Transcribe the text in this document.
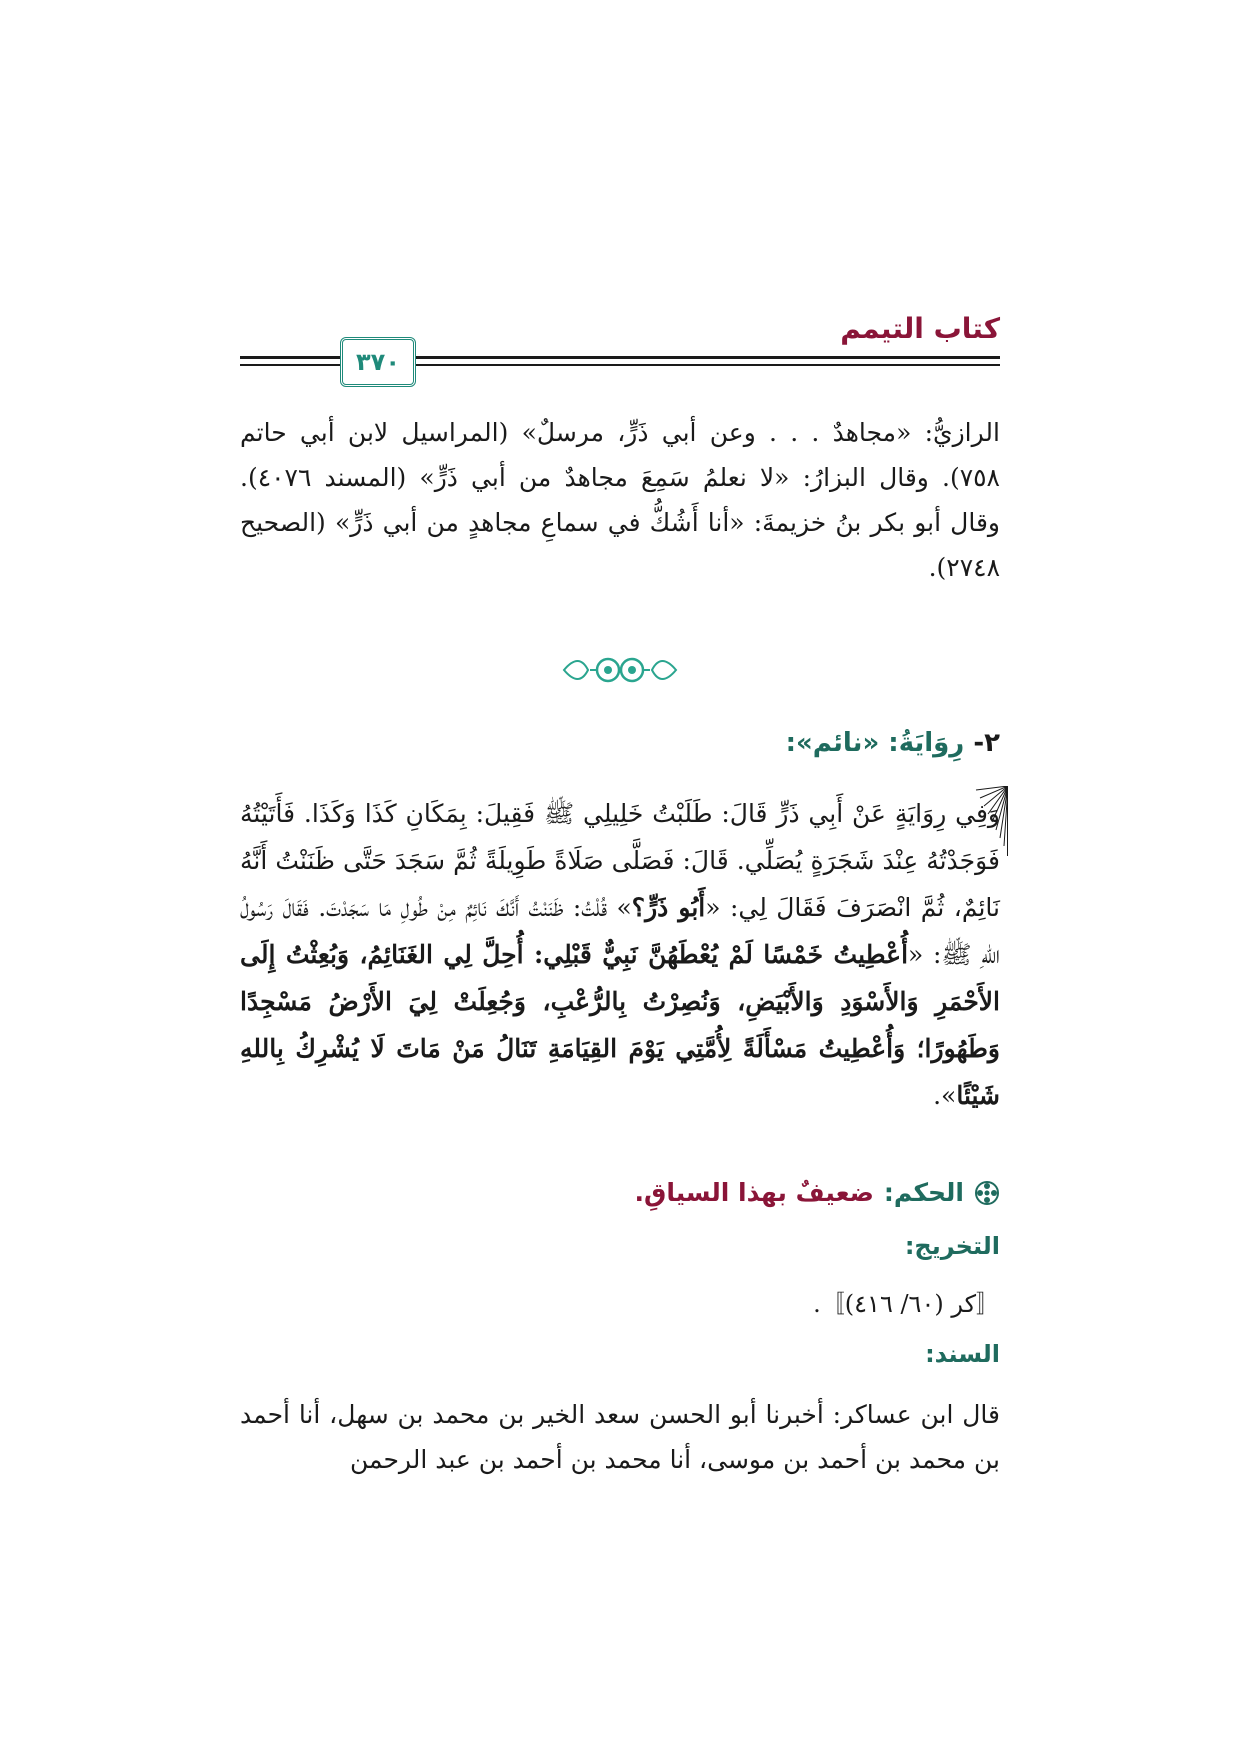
كتاب التيمم
٣٧٠
الرازيُّ: «مجاهدٌ . . . وعن أبي ذَرٍّ، مرسلٌ» (المراسيل لابن أبي حاتم ٧٥٨). وقال البزارُ: «لا نعلمُ سَمِعَ مجاهدٌ من أبي ذَرٍّ» (المسند ٤٠٧٦). وقال أبو بكر بنُ خزيمةَ: «أنا أَشُكُّ في سماعِ مجاهدٍ من أبي ذَرٍّ» (الصحيح ٢٧٤٨).
٢- رِوَايَةُ: «نائم»:
وَفِي رِوَايَةٍ عَنْ أَبِي ذَرٍّ قَالَ: طَلَبْتُ خَلِيلِي ﷺ فَقِيلَ: بِمَكَانِ كَذَا وَكَذَا. فَأَتَيْتُهُ فَوَجَدْتُهُ عِنْدَ شَجَرَةٍ يُصَلِّي. قَالَ: فَصَلَّى صَلَاةً طَوِيلَةً ثُمَّ سَجَدَ حَتَّى ظَنَنْتُ أَنَّهُ نَائِمٌ، ثُمَّ انْصَرَفَ فَقَالَ لِي: «أَبُو ذَرٍّ؟» قُلْتُ: ظَنَنْتُ أَنَّكَ نَائِمٌ مِنْ طُولِ مَا سَجَدْتَ. فَقَالَ رَسُولُ اللهِ ﷺ: «أُعْطِيتُ خَمْسًا لَمْ يُعْطَهُنَّ نَبِيٌّ قَبْلِي: أُحِلَّ لِي الغَنَائِمُ، وَبُعِثْتُ إِلَى الأَحْمَرِ وَالأَسْوَدِ وَالأَبْيَضِ، وَنُصِرْتُ بِالرُّعْبِ، وَجُعِلَتْ لِيَ الأَرْضُ مَسْجِدًا وَطَهُورًا؛ وَأُعْطِيتُ مَسْأَلَةً لِأُمَّتِي يَوْمَ القِيَامَةِ تَنَالُ مَنْ مَاتَ لَا يُشْرِكُ بِاللهِ شَيْئًا».
الحكم:
ضعيفٌ بهذا السياقِ.
التخريج:
〚كر (٦٠/ ٤١٦)〛.
السند:
قال ابن عساكر: أخبرنا أبو الحسن سعد الخير بن محمد بن سهل، أنا أحمد بن محمد بن أحمد بن موسى، أنا محمد بن أحمد بن عبد الرحمن
